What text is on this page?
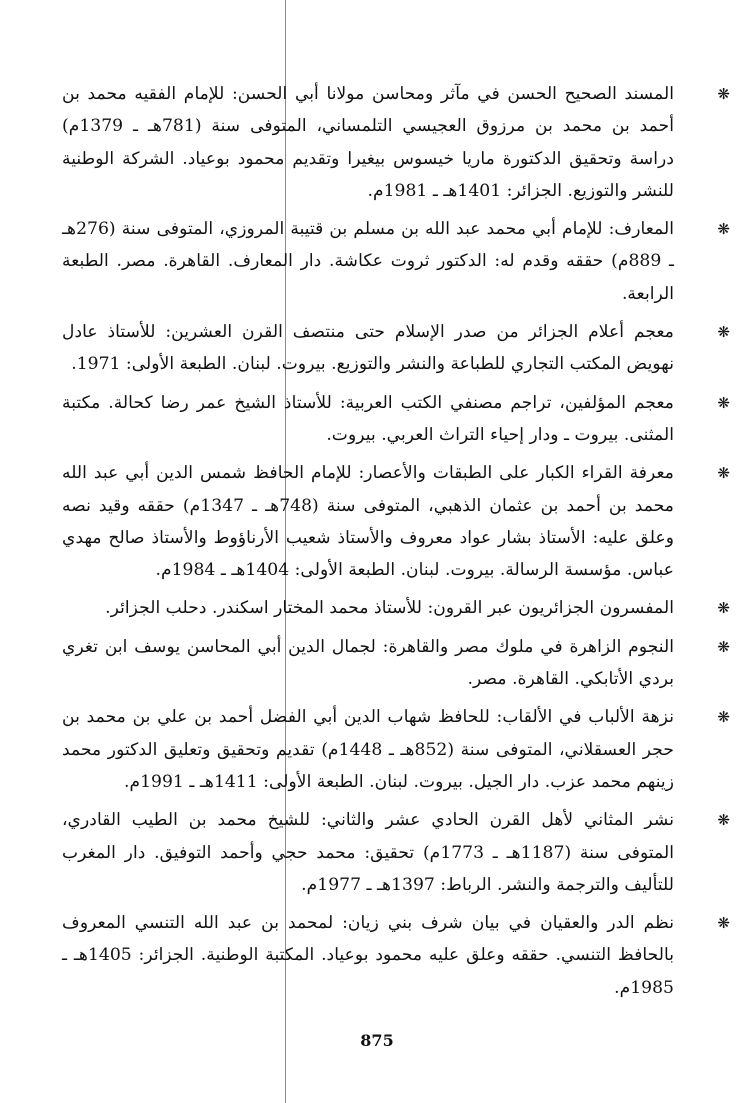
❋
المسند الصحيح الحسن في مآثر ومحاسن مولانا أبي الحسن: للإمام الفقيه محمد بن أحمد بن محمد بن مرزوق العجيسي التلمساني، المتوفى سنة (781هـ ـ 1379م) دراسة وتحقيق الدكتورة ماريا خيسوس بيغيرا وتقديم محمود بوعياد. الشركة الوطنية للنشر والتوزيع. الجزائر: 1401هـ ـ 1981م.

❋
المعارف: للإمام أبي محمد عبد الله بن مسلم بن قتيبة المروزي، المتوفى سنة (276هـ ـ 889م) حققه وقدم له: الدكتور ثروت عكاشة. دار المعارف. القاهرة. مصر. الطبعة الرابعة.

❋
معجم أعلام الجزائر من صدر الإسلام حتى منتصف القرن العشرين: للأستاذ عادل نهويض المكتب التجاري للطباعة والنشر والتوزيع. بيروت. لبنان. الطبعة الأولى: 1971.

❋
معجم المؤلفين، تراجم مصنفي الكتب العربية: للأستاذ الشيخ عمر رضا كحالة. مكتبة المثنى. بيروت ـ ودار إحياء التراث العربي. بيروت.

❋
معرفة القراء الكبار على الطبقات والأعصار: للإمام الحافظ شمس الدين أبي عبد الله محمد بن أحمد بن عثمان الذهبي، المتوفى سنة (748هـ ـ 1347م) حققه وقيد نصه وعلق عليه: الأستاذ بشار عواد معروف والأستاذ شعيب الأرناؤوط والأستاذ صالح مهدي عباس. مؤسسة الرسالة. بيروت. لبنان. الطبعة الأولى: 1404هـ ـ 1984م.

❋
المفسرون الجزائريون عبر القرون: للأستاذ محمد المختار اسكندر. دحلب الجزائر.

❋
النجوم الزاهرة في ملوك مصر والقاهرة: لجمال الدين أبي المحاسن يوسف ابن تغري بردي الأتابكي. القاهرة. مصر.

❋
نزهة الألباب في الألقاب: للحافظ شهاب الدين أبي الفضل أحمد بن علي بن محمد بن حجر العسقلاني، المتوفى سنة (852هـ ـ 1448م) تقديم وتحقيق وتعليق الدكتور محمد زينهم محمد عزب. دار الجيل. بيروت. لبنان. الطبعة الأولى: 1411هـ ـ 1991م.

❋
نشر المثاني لأهل القرن الحادي عشر والثاني: للشيخ محمد بن الطيب القادري، المتوفى سنة (1187هـ ـ 1773م) تحقيق: محمد حجي وأحمد التوفيق. دار المغرب للتأليف والترجمة والنشر. الرباط: 1397هـ ـ 1977م.

❋
نظم الدر والعقيان في بيان شرف بني زيان: لمحمد بن عبد الله التنسي المعروف بالحافظ التنسي. حققه وعلق عليه محمود بوعياد. المكتبة الوطنية. الجزائر: 1405هـ ـ 1985م.

875
